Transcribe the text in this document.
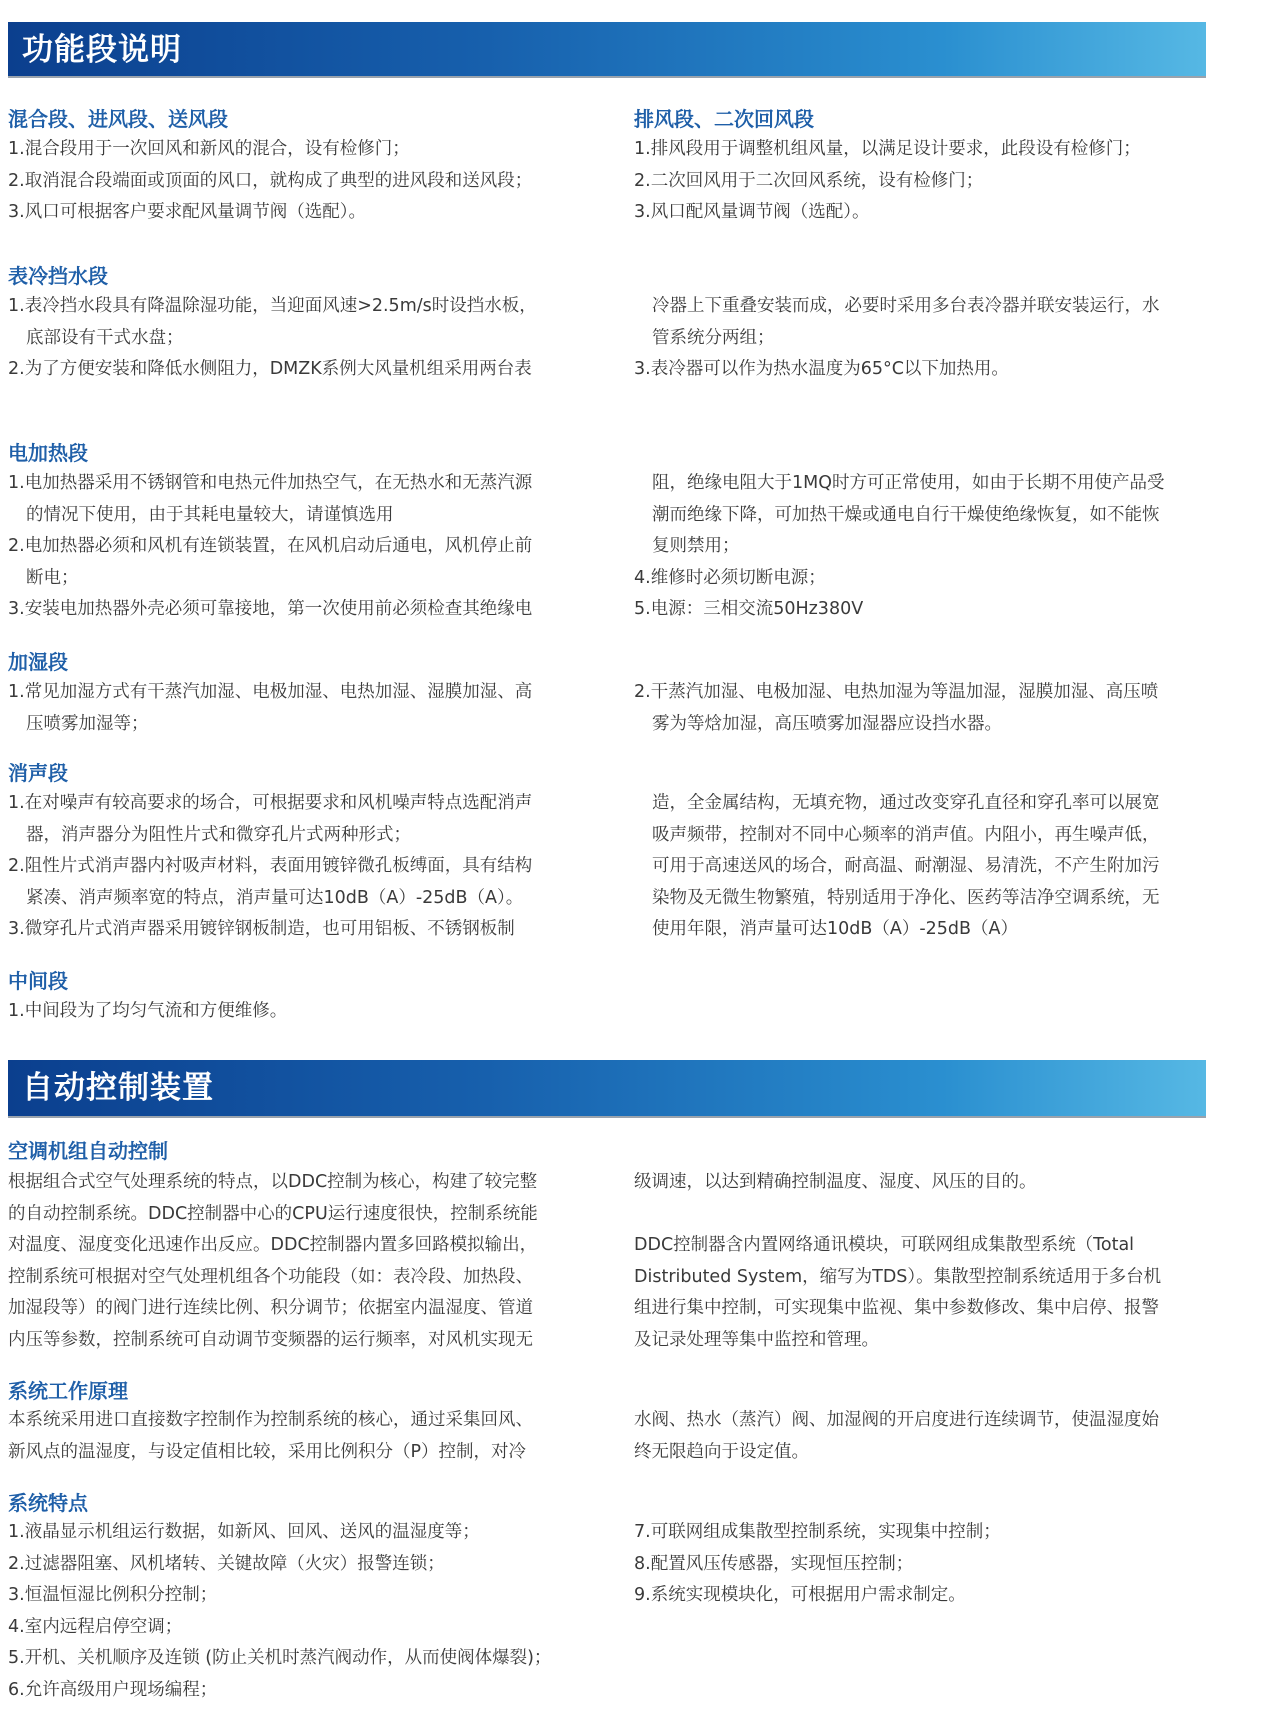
功能段说明
混合段、进风段、送风段
1.混合段用于一次回风和新风的混合，设有检修门；
2.取消混合段端面或顶面的风口，就构成了典型的进风段和送风段；
3.风口可根据客户要求配风量调节阀（选配）。
排风段、二次回风段
1.排风段用于调整机组风量，以满足设计要求，此段设有检修门；
2.二次回风用于二次回风系统，设有检修门；
3.风口配风量调节阀（选配）。
表冷挡水段
1.表冷挡水段具有降温除湿功能，当迎面风速>2.5m/s时设挡水板，
底部设有干式水盘；
2.为了方便安装和降低水侧阻力，DMZK系例大风量机组采用两台表
冷器上下重叠安装而成，必要时采用多台表冷器并联安装运行，水
管系统分两组；
3.表冷器可以作为热水温度为65°C以下加热用。
电加热段
1.电加热器采用不锈钢管和电热元件加热空气，在无热水和无蒸汽源
的情况下使用，由于其耗电量较大，请谨慎选用
2.电加热器必须和风机有连锁装置，在风机启动后通电，风机停止前
断电；
3.安装电加热器外壳必须可靠接地，第一次使用前必须检查其绝缘电
阻，绝缘电阻大于1MQ时方可正常使用，如由于长期不用使产品受
潮而绝缘下降，可加热干燥或通电自行干燥使绝缘恢复，如不能恢
复则禁用；
4.维修时必须切断电源；
5.电源：三相交流50Hz380V
加湿段
1.常见加湿方式有干蒸汽加湿、电极加湿、电热加湿、湿膜加湿、高
压喷雾加湿等；
2.干蒸汽加湿、电极加湿、电热加湿为等温加湿，湿膜加湿、高压喷
雾为等焓加湿，高压喷雾加湿器应设挡水器。
消声段
1.在对噪声有较高要求的场合，可根据要求和风机噪声特点选配消声
器，消声器分为阻性片式和微穿孔片式两种形式；
2.阻性片式消声器内衬吸声材料，表面用镀锌微孔板缚面，具有结构
紧凑、消声频率宽的特点，消声量可达10dB（A）-25dB（A）。
3.微穿孔片式消声器采用镀锌钢板制造，也可用铝板、不锈钢板制
造，全金属结构，无填充物，通过改变穿孔直径和穿孔率可以展宽
吸声频带，控制对不同中心频率的消声值。内阻小，再生噪声低，
可用于高速送风的场合，耐高温、耐潮湿、易清洗，不产生附加污
染物及无微生物繁殖，特别适用于净化、医药等洁净空调系统，无
使用年限，消声量可达10dB（A）-25dB（A）
中间段
1.中间段为了均匀气流和方便维修。
自动控制装置
空调机组自动控制
根据组合式空气处理系统的特点，以DDC控制为核心，构建了较完整
的自动控制系统。DDC控制器中心的CPU运行速度很快，控制系统能
对温度、湿度变化迅速作出反应。DDC控制器内置多回路模拟输出，
控制系统可根据对空气处理机组各个功能段（如：表冷段、加热段、
加湿段等）的阀门进行连续比例、积分调节；依据室内温湿度、管道
内压等参数，控制系统可自动调节变频器的运行频率，对风机实现无
级调速，以达到精确控制温度、湿度、风压的目的。
DDC控制器含内置网络通讯模块，可联网组成集散型系统（Total
Distributed System，缩写为TDS）。集散型控制系统适用于多台机
组进行集中控制，可实现集中监视、集中参数修改、集中启停、报警
及记录处理等集中监控和管理。
系统工作原理
本系统采用进口直接数字控制作为控制系统的核心，通过采集回风、
新风点的温湿度，与设定值相比较，采用比例积分（P）控制，对冷
水阀、热水（蒸汽）阀、加湿阀的开启度进行连续调节，使温湿度始
终无限趋向于设定值。
系统特点
1.液晶显示机组运行数据，如新风、回风、送风的温湿度等；
2.过滤器阻塞、风机堵转、关键故障（火灾）报警连锁；
3.恒温恒湿比例积分控制；
4.室内远程启停空调；
5.开机、关机顺序及连锁 (防止关机时蒸汽阀动作，从而使阀体爆裂)；
6.允许高级用户现场编程；
7.可联网组成集散型控制系统，实现集中控制；
8.配置风压传感器，实现恒压控制；
9.系统实现模块化，可根据用户需求制定。
